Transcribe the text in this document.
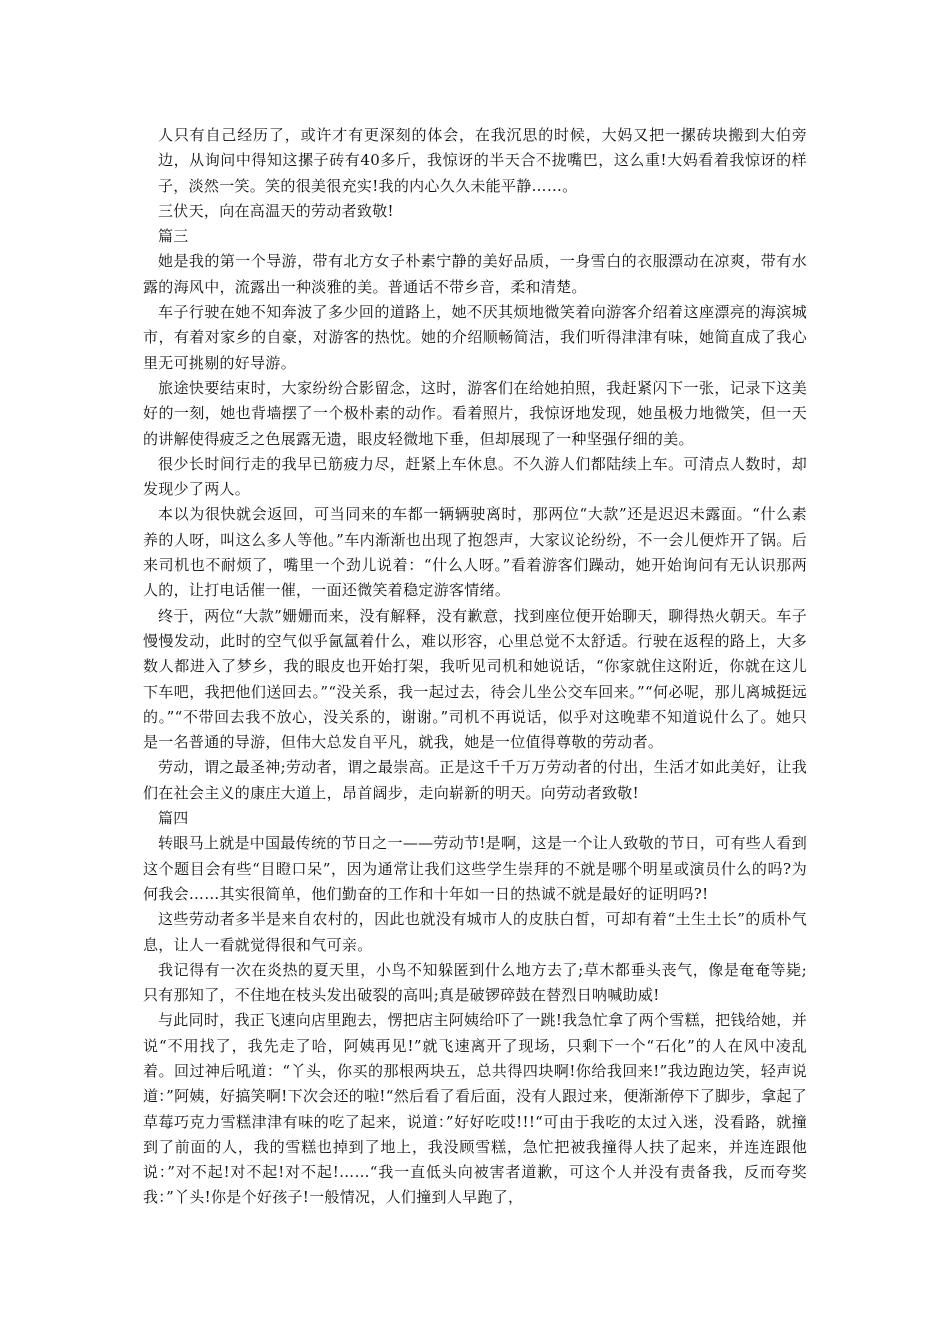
人只有自己经历了，或许才有更深刻的体会，在我沉思的时候，大妈又把一摞砖块搬到大伯旁边，从询问中得知这摞子砖有40多斤，我惊讶的半天合不拢嘴巴，这么重!大妈看着我惊讶的样子，淡然一笑。笑的很美很充实!我的内心久久未能平静……。

三伏天，向在高温天的劳动者致敬!

篇三

她是我的第一个导游，带有北方女子朴素宁静的美好品质，一身雪白的衣服漂动在凉爽，带有水露的海风中，流露出一种淡雅的美。普通话不带乡音，柔和清楚。

车子行驶在她不知奔波了多少回的道路上，她不厌其烦地微笑着向游客介绍着这座漂亮的海滨城市，有着对家乡的自豪，对游客的热忱。她的介绍顺畅简洁，我们听得津津有味，她简直成了我心里无可挑剔的好导游。

旅途快要结束时，大家纷纷合影留念，这时，游客们在给她拍照，我赶紧闪下一张，记录下这美好的一刻，她也背墙摆了一个极朴素的动作。看着照片，我惊讶地发现，她虽极力地微笑，但一天的讲解使得疲乏之色展露无遗，眼皮轻微地下垂，但却展现了一种坚强仔细的美。

很少长时间行走的我早已筋疲力尽，赶紧上车休息。不久游人们都陆续上车。可清点人数时，却发现少了两人。

本以为很快就会返回，可当同来的车都一辆辆驶离时，那两位“大款”还是迟迟未露面。“什么素养的人呀，叫这么多人等他。”车内渐渐也出现了抱怨声，大家议论纷纷，不一会儿便炸开了锅。后来司机也不耐烦了，嘴里一个劲儿说着：“什么人呀。”看着游客们躁动，她开始询问有无认识那两人的，让打电话催一催，一面还微笑着稳定游客情绪。

终于，两位“大款”姗姗而来，没有解释，没有歉意，找到座位便开始聊天，聊得热火朝天。车子慢慢发动，此时的空气似乎氤氲着什么，难以形容，心里总觉不太舒适。行驶在返程的路上，大多数人都进入了梦乡，我的眼皮也开始打架，我听见司机和她说话，“你家就住这附近，你就在这儿下车吧，我把他们送回去。”“没关系，我一起过去，待会儿坐公交车回来。”“何必呢，那儿离城挺远的。”“不带回去我不放心，没关系的，谢谢。”司机不再说话，似乎对这晚辈不知道说什么了。她只是一名普通的导游，但伟大总发自平凡，就我，她是一位值得尊敬的劳动者。

劳动，谓之最圣神;劳动者，谓之最崇高。正是这千千万万劳动者的付出，生活才如此美好，让我们在社会主义的康庄大道上，昂首阔步，走向崭新的明天。向劳动者致敬!

篇四

转眼马上就是中国最传统的节日之一——劳动节!是啊，这是一个让人致敬的节日，可有些人看到这个题目会有些“目瞪口呆”，因为通常让我们这些学生崇拜的不就是哪个明星或演员什么的吗?为何我会……其实很简单，他们勤奋的工作和十年如一日的热诚不就是最好的证明吗?!

这些劳动者多半是来自农村的，因此也就没有城市人的皮肤白皙，可却有着“土生土长”的质朴气息，让人一看就觉得很和气可亲。

我记得有一次在炎热的夏天里，小鸟不知躲匿到什么地方去了;草木都垂头丧气，像是奄奄等毙;只有那知了，不住地在枝头发出破裂的高叫;真是破锣碎鼓在替烈日呐喊助威!

与此同时，我正飞速向店里跑去，愣把店主阿姨给吓了一跳!我急忙拿了两个雪糕，把钱给她，并说“不用找了，我先走了哈，阿姨再见!”就飞速离开了现场，只剩下一个“石化”的人在风中凌乱着。回过神后吼道：“丫头，你买的那根两块五，总共得四块啊!你给我回来!”我边跑边笑，轻声说道：”阿姨，好搞笑啊!下次会还的啦!“然后看了看后面，没有人跟过来，便渐渐停下了脚步，拿起了草莓巧克力雪糕津津有味的吃了起来，说道：”好好吃哎!!!“可由于我吃的太过入迷，没看路，就撞到了前面的人，我的雪糕也掉到了地上，我没顾雪糕，急忙把被我撞得人扶了起来，并连连跟他说：”对不起!对不起!对不起!……“我一直低头向被害者道歉，可这个人并没有责备我，反而夸奖我：”丫头!你是个好孩子!一般情况，人们撞到人早跑了，
